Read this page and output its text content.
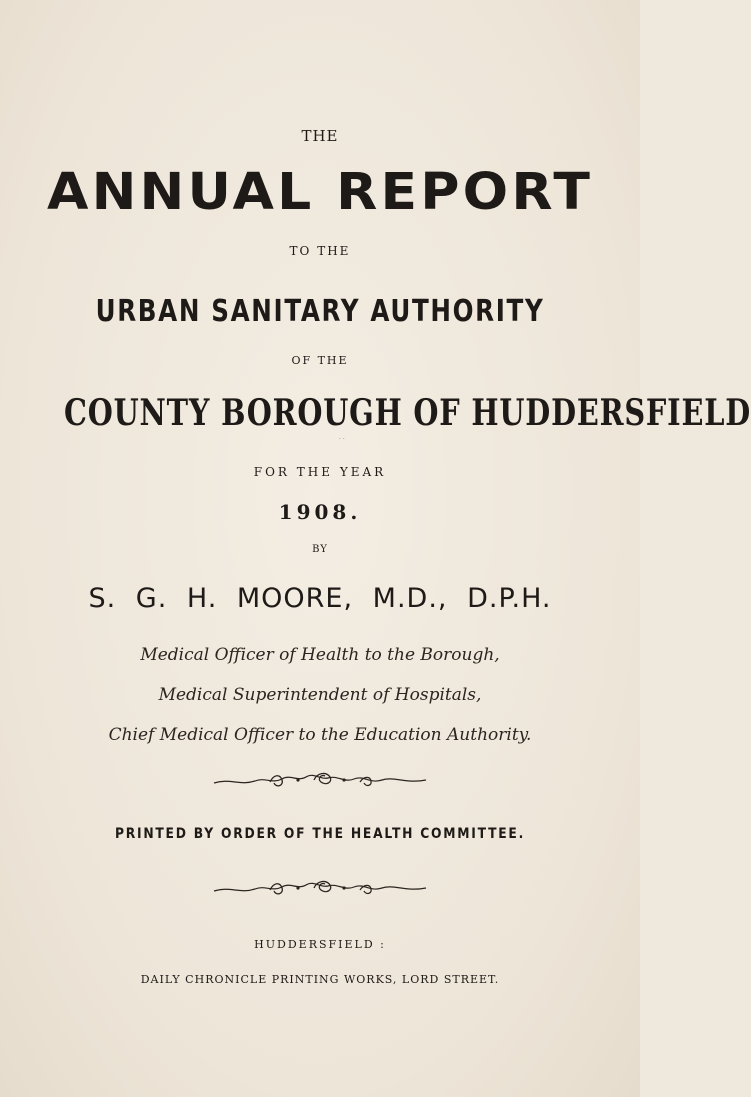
THE
ANNUAL REPORT
TO THE
URBAN SANITARY AUTHORITY
OF THE
COUNTY BOROUGH OF HUDDERSFIELD
· ·
FOR THE YEAR
1908.
BY
S. G. H. MOORE, M.D., D.P.H.
Medical Officer of Health to the Borough,
Medical Superintendent of Hospitals,
Chief Medical Officer to the Education Authority.
PRINTED BY ORDER OF THE HEALTH COMMITTEE.
HUDDERSFIELD :
DAILY CHRONICLE PRINTING WORKS, LORD STREET.
